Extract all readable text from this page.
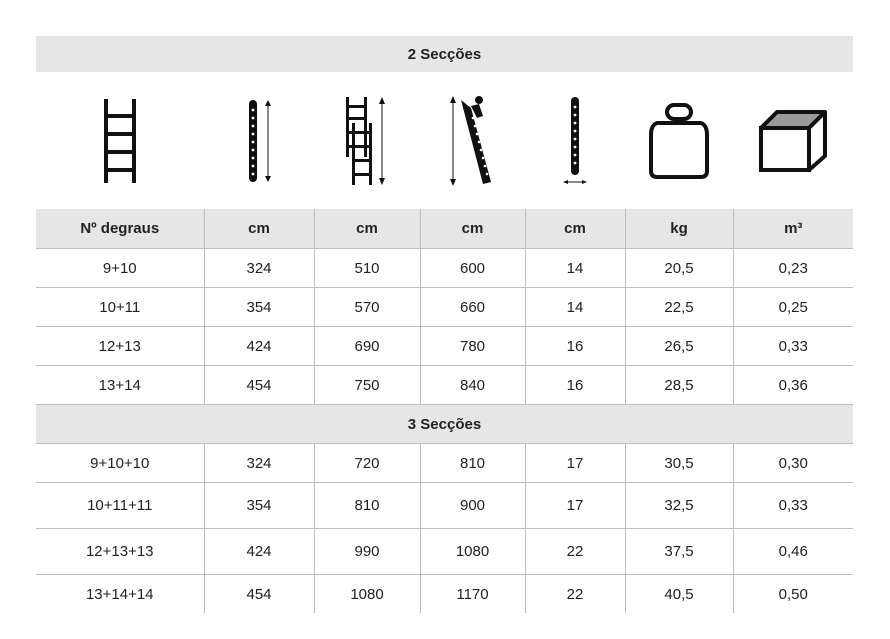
2 Secções
Nº degraus	cm	cm	cm	cm	kg	m³
9+10	324	510	600	14	20,5	0,23
10+11	354	570	660	14	22,5	0,25
12+13	424	690	780	16	26,5	0,33
13+14	454	750	840	16	28,5	0,36
3 Secções						
9+10+10	324	720	810	17	30,5	0,30
10+11+11	354	810	900	17	32,5	0,33
12+13+13	424	990	1080	22	37,5	0,46
13+14+14	454	1080	1170	22	40,5	0,50
